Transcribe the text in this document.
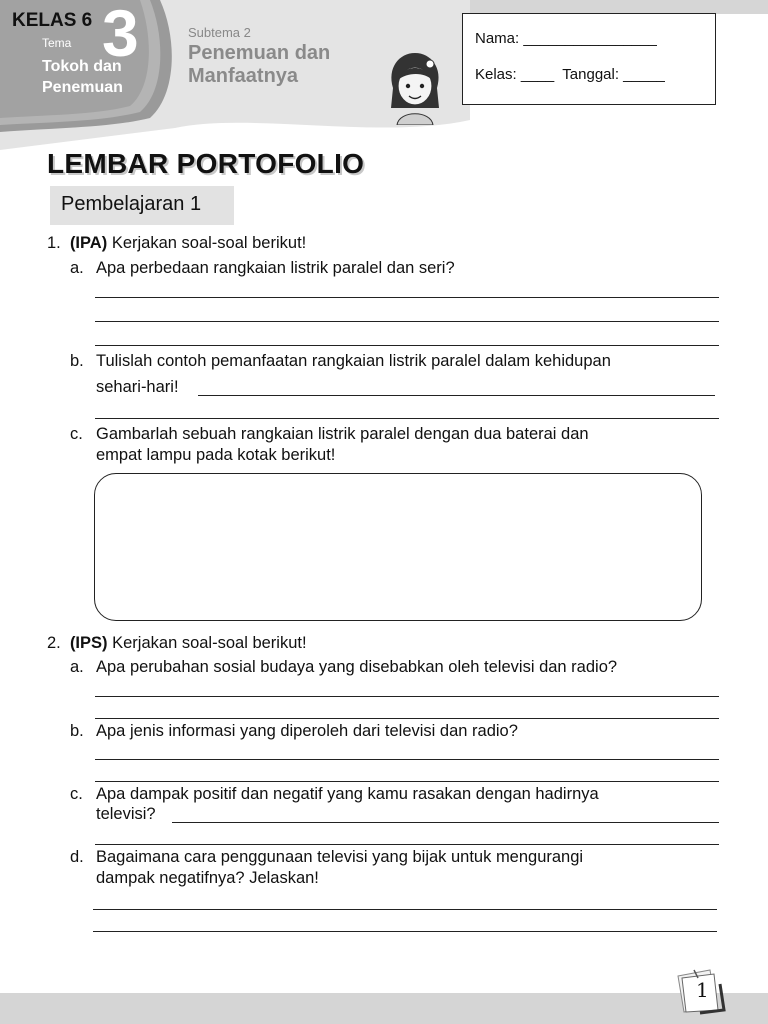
KELAS 6
Tema 3
Tokoh dan Penemuan
Subtema 2
Penemuan dan Manfaatnya
Nama: ________________
Kelas: ____  Tanggal: _____
LEMBAR PORTOFOLIO
Pembelajaran 1
1. (IPA) Kerjakan soal-soal berikut!
a. Apa perbedaan rangkaian listrik paralel dan seri?
b. Tulislah contoh pemanfaatan rangkaian listrik paralel dalam kehidupan
sehari-hari!
c. Gambarlah sebuah rangkaian listrik paralel dengan dua baterai dan
empat lampu pada kotak berikut!
2. (IPS) Kerjakan soal-soal berikut!
a. Apa perubahan sosial budaya yang disebabkan oleh televisi dan radio?
b. Apa jenis informasi yang diperoleh dari televisi dan radio?
c. Apa dampak positif dan negatif yang kamu rasakan dengan hadirnya
televisi?
d. Bagaimana cara penggunaan televisi yang bijak untuk mengurangi
dampak negatifnya? Jelaskan!
1
